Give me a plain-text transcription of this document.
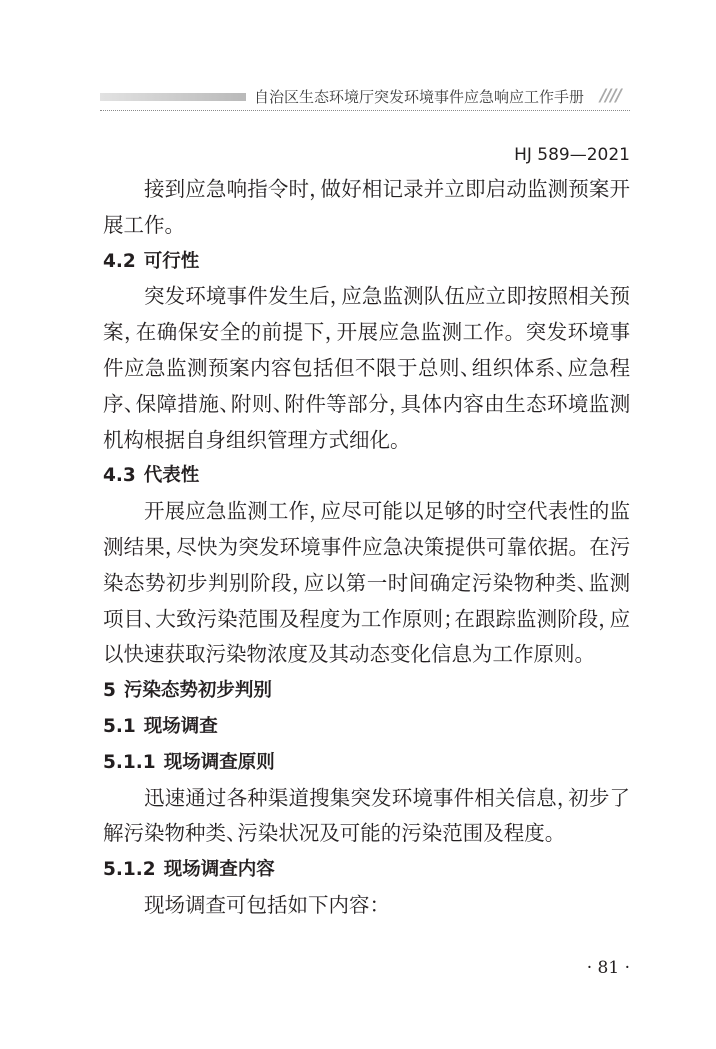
自治区生态环境厅突发环境事件应急响应工作手册 ////
HJ 589—2021
接到应急响指令时，做好相记录并立即启动监测预案开
展工作。
4.2 可行性
突发环境事件发生后，应急监测队伍应立即按照相关预
案，在确保安全的前提下，开展应急监测工作。突发环境事
件应急监测预案内容包括但不限于总则、组织体系、应急程
序、保障措施、附则、附件等部分，具体内容由生态环境监测
机构根据自身组织管理方式细化。
4.3 代表性
开展应急监测工作，应尽可能以足够的时空代表性的监
测结果，尽快为突发环境事件应急决策提供可靠依据。在污
染态势初步判别阶段，应以第一时间确定污染物种类、监测
项目、大致污染范围及程度为工作原则；在跟踪监测阶段，应
以快速获取污染物浓度及其动态变化信息为工作原则。
5 污染态势初步判别
5.1 现场调查
5.1.1 现场调查原则
迅速通过各种渠道搜集突发环境事件相关信息，初步了
解污染物种类、污染状况及可能的污染范围及程度。
5.1.2 现场调查内容
现场调查可包括如下内容：
· 81 ·
